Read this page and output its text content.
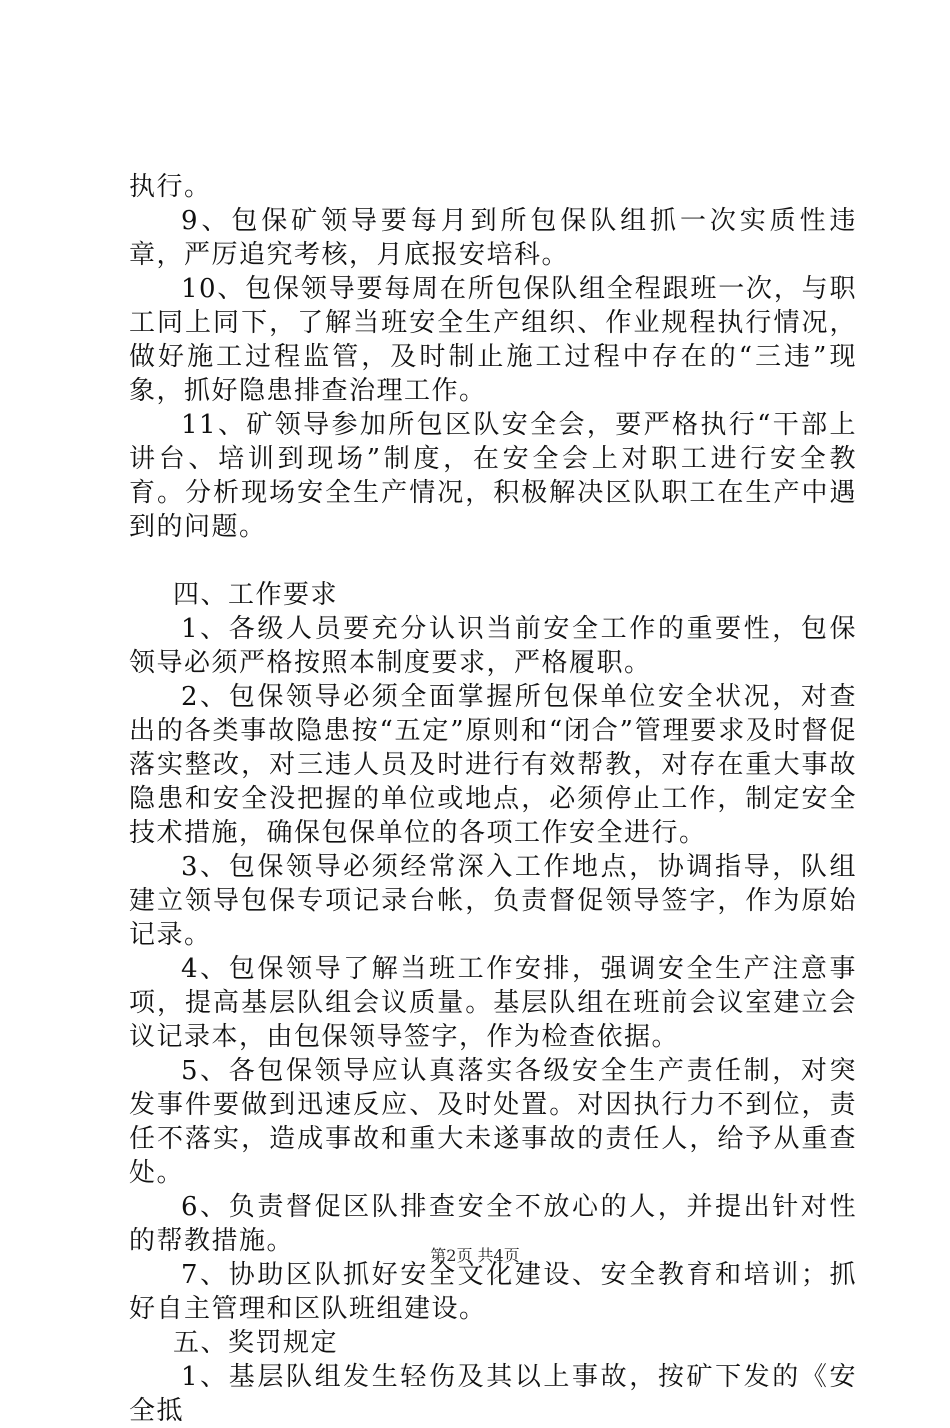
执行。

9、包保矿领导要每月到所包保队组抓一次实质性违章，严厉追究考核，月底报安培科。

10、包保领导要每周在所包保队组全程跟班一次，与职工同上同下，了解当班安全生产组织、作业规程执行情况，做好施工过程监管，及时制止施工过程中存在的“三违”现象，抓好隐患排查治理工作。

11、矿领导参加所包区队安全会，要严格执行“干部上讲台、培训到现场”制度，在安全会上对职工进行安全教育。分析现场安全生产情况，积极解决区队职工在生产中遇到的问题。

四、工作要求

1、各级人员要充分认识当前安全工作的重要性，包保领导必须严格按照本制度要求，严格履职。

2、包保领导必须全面掌握所包保单位安全状况，对查出的各类事故隐患按“五定”原则和“闭合”管理要求及时督促落实整改，对三违人员及时进行有效帮教，对存在重大事故隐患和安全没把握的单位或地点，必须停止工作，制定安全技术措施，确保包保单位的各项工作安全进行。

3、包保领导必须经常深入工作地点，协调指导，队组建立领导包保专项记录台帐，负责督促领导签字，作为原始记录。

4、包保领导了解当班工作安排，强调安全生产注意事项，提高基层队组会议质量。基层队组在班前会议室建立会议记录本，由包保领导签字，作为检查依据。

5、各包保领导应认真落实各级安全生产责任制，对突发事件要做到迅速反应、及时处置。对因执行力不到位，责任不落实，造成事故和重大未遂事故的责任人，给予从重查处。

6、负责督促区队排查安全不放心的人，并提出针对性的帮教措施。

7、协助区队抓好安全文化建设、安全教育和培训；抓好自主管理和区队班组建设。

五、奖罚规定

1、基层队组发生轻伤及其以上事故，按矿下发的《安全抵

第2页 共4页
